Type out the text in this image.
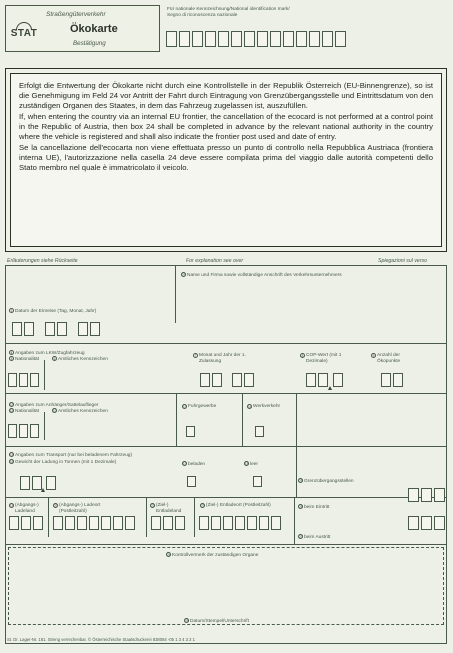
STAT
Straßengüterverkehr
Ökokarte
Bestätigung
Für nationale Kennzeichnung/National identification mark/
Segno di riconoscenza nazionale

Erfolgt die Entwertung der Ökokarte nicht durch eine Kontrollstelle in der Republik Österreich (EU-Binnengrenze), so ist die Genehmigung im Feld 24 vor Antritt der Fahrt durch Eintragung von Grenzübergangsstelle und Eintrittsdatum von den zuständigen Organen des Staates, in dem das Fahrzeug zugelassen ist, auszufüllen.

If, when entering the country via an internal EU frontier, the cancellation of the ecocard is not performed at a control point in the Republic of Austria, then box 24 shall be completed in advance by the relevant national authority in the country where the vehicle is registered and shall also indicate the frontier post used and date of entry.

Se la cancellazione dell'ecocarta non viene effettuata presso un punto di controllo nella Repubblica Austriaca (frontiera interna UE), l'autorizzazione nella casella 24 deve essere compilata prima del viaggio dalle autorità competenti dello Stato membro nel quale è immatricolato il veicolo.

Erläuterungen siehe Rückseite	For explanation see over	Spiegazioni sul verso
21Name und Firma sowie vollständige Anschrift des Verkehrsunternehmers
1 Datum der Einreise (Tag, Monat, Jahr)
4 Angaben zum LKW/Zugfahrzeug
5 Nationalität	6 Amtliches Kennzeichen
7 Monat und Jahr der 1. Zulassung
8 COP-Wert (mit 1 Dezimale)
9 Anzahl der Ökopunkte
10Angaben zum Anhänger/Sattelauflieger
11 Nationalität	12Amtliches Kennzeichen
13Fuhrgewerbe	14Werkverkehr
15Angaben zum Transport (nur bei beladenem Fahrzeug)
16Gewicht der Ladung in Tonnen (mit 1 Dezimale)	17beladen	18leer
19(Abgangs-) Ladeland
20(Abgangs-) Ladeort (Postleitzahl)
22(Ziel-) Entladeland
23(Ziel-) Entladeort (Postleitzahl)
25Grenzübergangsstellen
26beim Eintritt
27beim Austritt
24Kontrollvermerk der zuständigen Organe
28Datum/Stempel/Unterschrift
St. Dr. Lager-Nr. 181. Streng verrechenbar. © Österreichische Staatsdruckerei 838084 -05 1 3 4 3 2 1
